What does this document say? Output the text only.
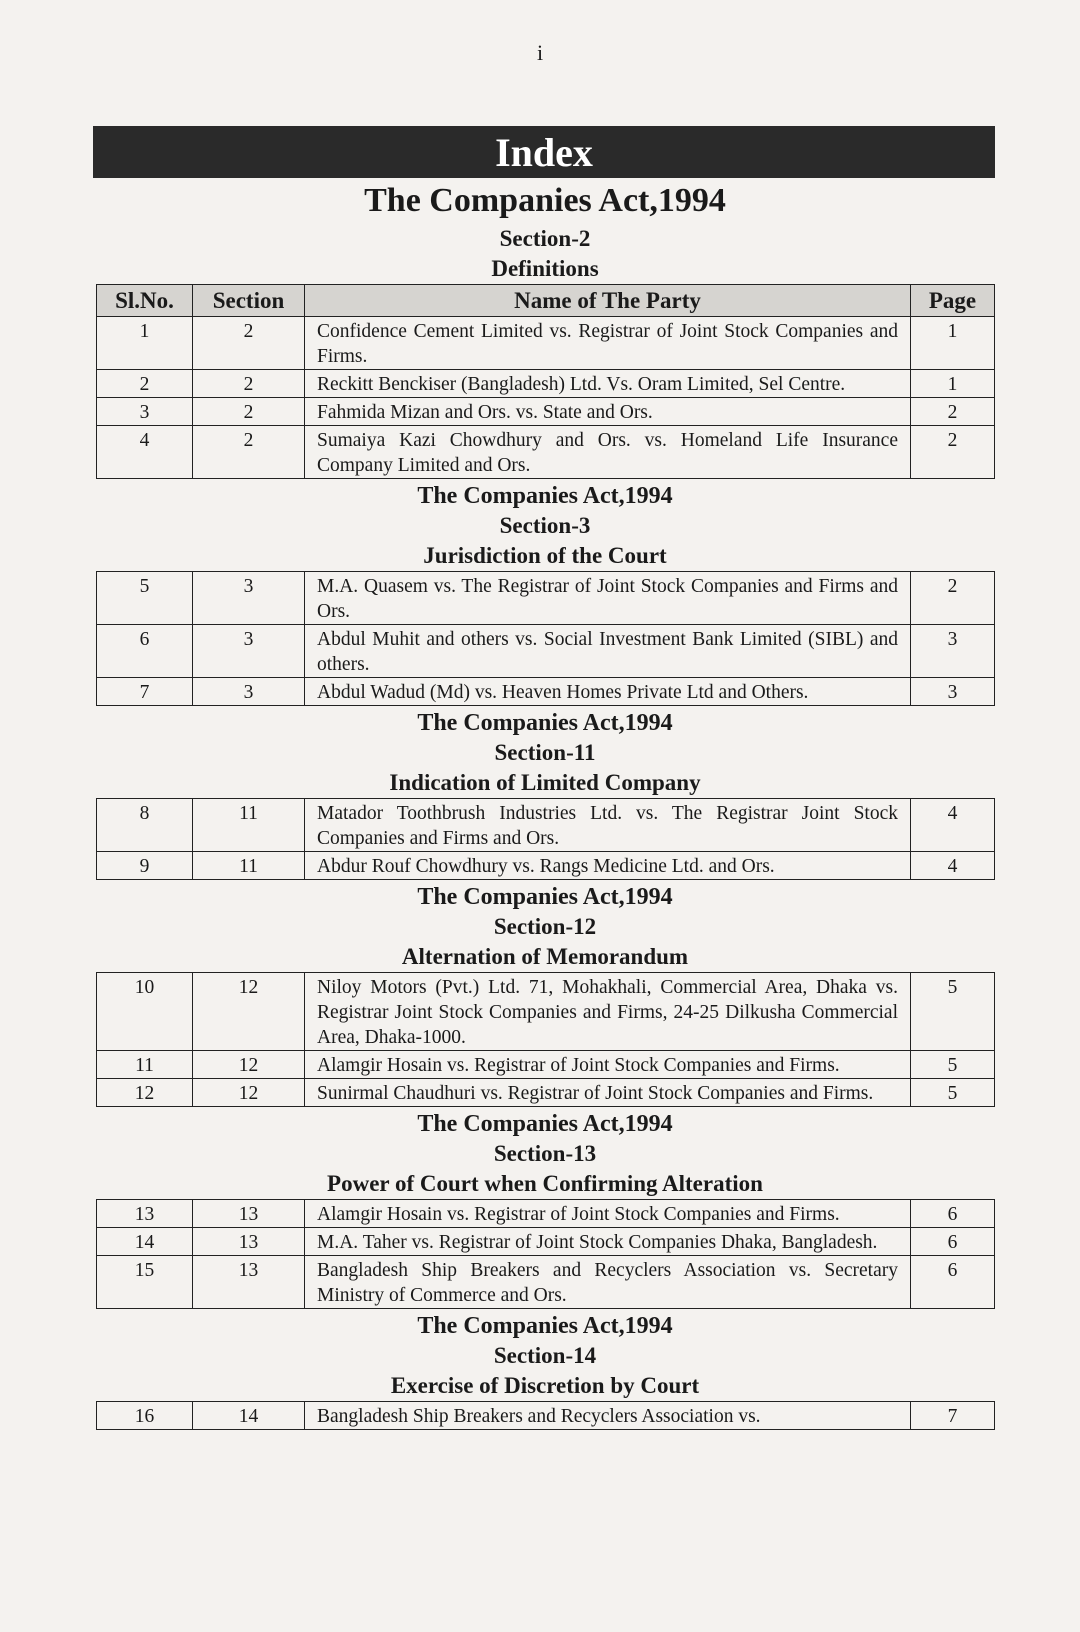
i
Index
The Companies Act,1994
Section-2
Definitions
Sl.No.	Section	Name of The Party	Page
1	2	Confidence Cement Limited vs. Registrar of Joint Stock Companies and Firms.	1
2	2	Reckitt Benckiser (Bangladesh) Ltd. Vs. Oram Limited, Sel Centre.	1
3	2	Fahmida Mizan and Ors. vs. State and Ors.	2
4	2	Sumaiya Kazi Chowdhury and Ors. vs. Homeland Life Insurance Company Limited and Ors.	2
The Companies Act,1994
Section-3
Jurisdiction of the Court
5	3	M.A. Quasem vs. The Registrar of Joint Stock Companies and Firms and Ors.	2
6	3	Abdul Muhit and others vs. Social Investment Bank Limited (SIBL) and others.	3
7	3	Abdul Wadud (Md) vs. Heaven Homes Private Ltd and Others.	3
The Companies Act,1994
Section-11
Indication of Limited Company
8	11	Matador Toothbrush Industries Ltd. vs. The Registrar Joint Stock Companies and Firms and Ors.	4
9	11	Abdur Rouf Chowdhury vs. Rangs Medicine Ltd. and Ors.	4
The Companies Act,1994
Section-12
Alternation of Memorandum
10	12	Niloy Motors (Pvt.) Ltd. 71, Mohakhali, Commercial Area, Dhaka vs. Registrar Joint Stock Companies and Firms, 24-25 Dilkusha Commercial Area, Dhaka-1000.	5
11	12	Alamgir Hosain vs. Registrar of Joint Stock Companies and Firms.	5
12	12	Sunirmal Chaudhuri vs. Registrar of Joint Stock Companies and Firms.	5
The Companies Act,1994
Section-13
Power of Court when Confirming Alteration
13	13	Alamgir Hosain vs. Registrar of Joint Stock Companies and Firms.	6
14	13	M.A. Taher vs. Registrar of Joint Stock Companies Dhaka, Bangladesh.	6
15	13	Bangladesh Ship Breakers and Recyclers Association vs. Secretary Ministry of Commerce and Ors.	6
The Companies Act,1994
Section-14
Exercise of Discretion by Court
16	14	Bangladesh Ship Breakers and Recyclers Association vs.	7
